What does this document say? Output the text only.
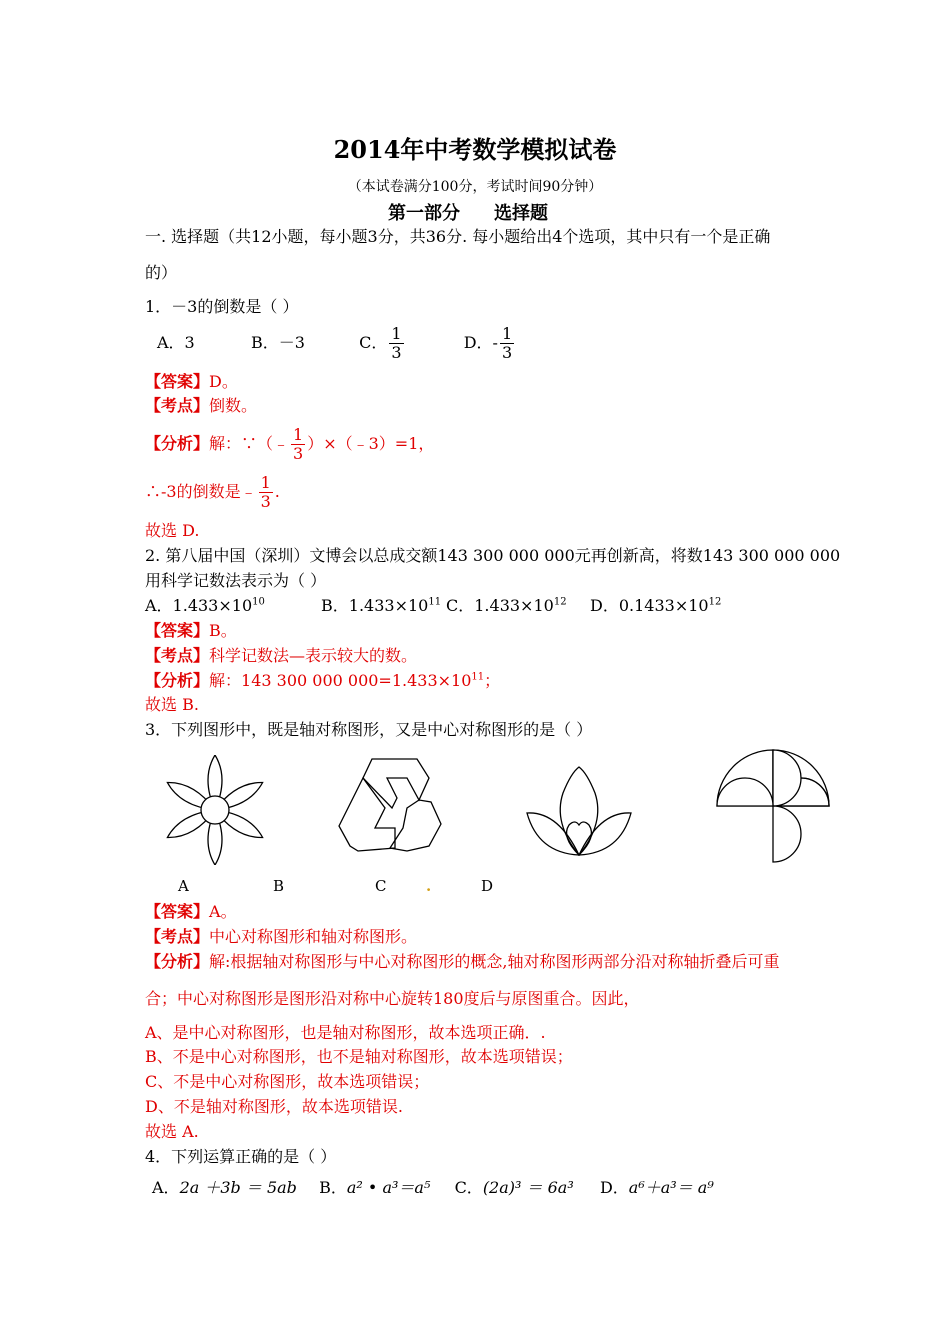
2014年中考数学模拟试卷
（本试卷满分100分，考试时间90分钟）
第一部分 选择题
一. 选择题（共12小题，每小题3分，共36分. 每小题给出4个选项，其中只有一个是正确
的）
1．－3的倒数是（ ）
A．3	B．－3	C． $\frac{1}{3}$	D．- $\frac{1}{3}$
【答案】D。
【考点】倒数。
【分析】解：∵（﹣ $\frac{1}{3}$ ）×（﹣3）=1，
∴-3的倒数是﹣ $\frac{1}{3}$ .
故选 D.
2. 第八届中国（深圳）文博会以总成交额143 300 000 000元再创新高，将数143 300 000 000
用科学记数法表示为（ ）
A．$1.433\times 10^{10}$	B．$1.433\times 10^{11}$ C．$1.433\times 10^{12}$ D．$0.1433\times 10^{12}$
【答案】B。
【考点】科学记数法—表示较大的数。
【分析】解：143 300 000 $000=1.433\times 10^{11}$；
故选 B.
3．下列图形中，既是轴对称图形，又是中心对称图形的是（ ）
A	B	C	.	D
【答案】A。
【考点】中心对称图形和轴对称图形。
【分析】解:根据轴对称图形与中心对称图形的概念,轴对称图形两部分沿对称轴折叠后可重
合；中心对称图形是图形沿对称中心旋转180度后与原图重合。因此，
A、是中心对称图形，也是轴对称图形，故本选项正确．.
B、不是中心对称图形，也不是轴对称图形，故本选项错误；
C、不是中心对称图形，故本选项错误；
D、不是轴对称图形，故本选项错误.
故选 A.
4．下列运算正确的是（ ）
A．2a ＋3b ＝ 5ab B．a² • a³＝a⁵ C．(2a)³ ＝ 6a³ D．a⁶＋a³＝ a⁹
